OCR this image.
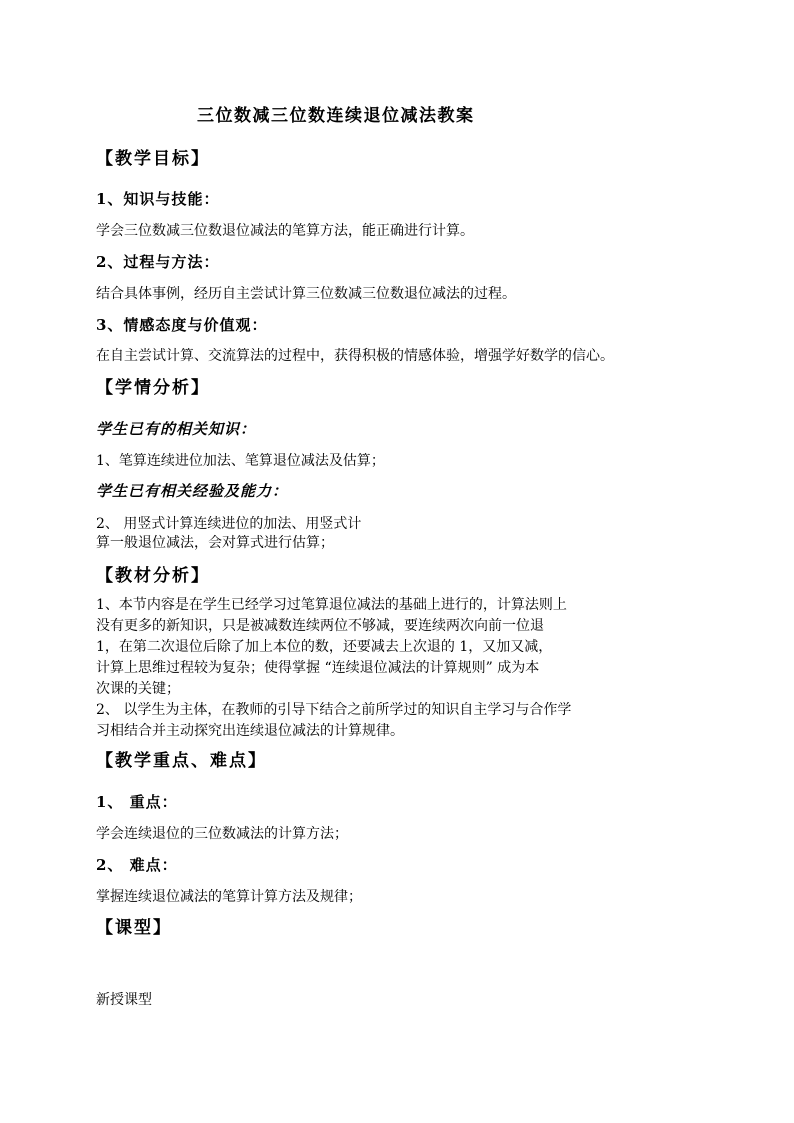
三位数减三位数连续退位减法教案
【教学目标】
1、知识与技能：
学会三位数减三位数退位减法的笔算方法，能正确进行计算。
2、过程与方法：
结合具体事例，经历自主尝试计算三位数减三位数退位减法的过程。
3、情感态度与价值观：
在自主尝试计算、交流算法的过程中，获得积极的情感体验，增强学好数学的信心。
【学情分析】
学生已有的相关知识：
1、笔算连续进位加法、笔算退位减法及估算；
学生已有相关经验及能力：
2、 用竖式计算连续进位的加法、用竖式计
算一般退位减法，会对算式进行估算；
【教材分析】
1、本节内容是在学生已经学习过笔算退位减法的基础上进行的，计算法则上
没有更多的新知识，只是被减数连续两位不够减，要连续两次向前一位退
1，在第二次退位后除了加上本位的数，还要减去上次退的 1，又加又减，
计算上思维过程较为复杂；使得掌握 “连续退位减法的计算规则” 成为本
次课的关键；
2、 以学生为主体，在教师的引导下结合之前所学过的知识自主学习与合作学
习相结合并主动探究出连续退位减法的计算规律。
【教学重点、难点】
1、 重点：
学会连续退位的三位数减法的计算方法；
2、 难点：
掌握连续退位减法的笔算计算方法及规律；
【课型】
新授课型
